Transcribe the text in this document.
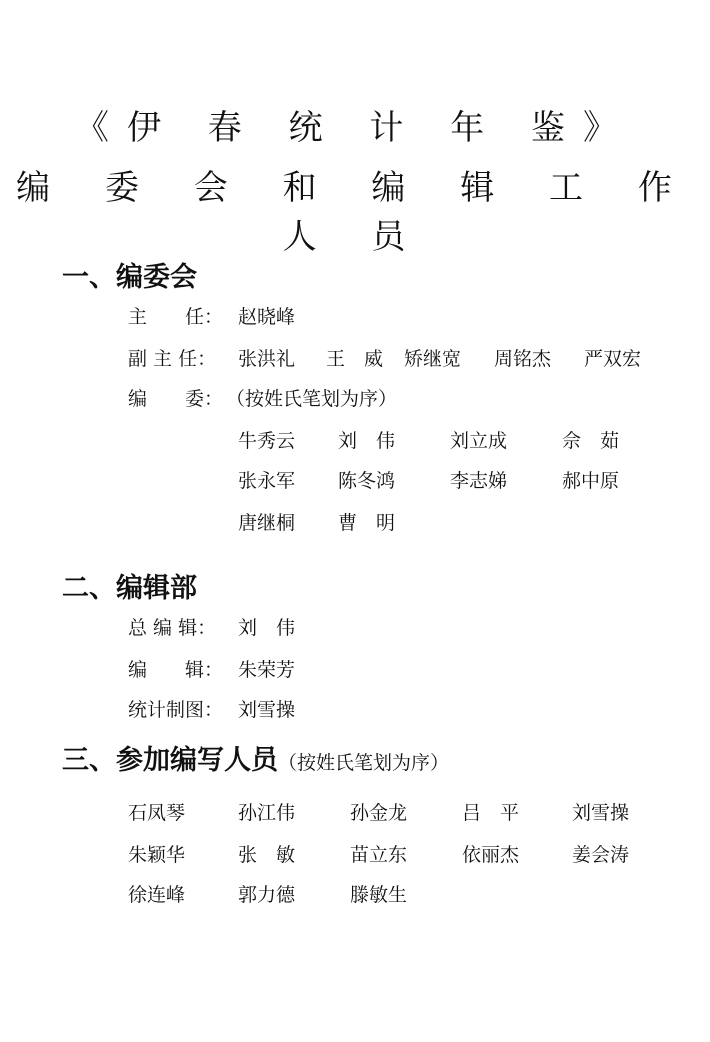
《伊 春 统 计 年 鉴》
编 委 会 和 编 辑 工 作 人 员
一、编委会
主　　任： 赵晓峰
副 主 任：	张洪礼 王　威 矫继宽 周铭杰 严双宏
编　　委： （按姓氏笔划为序）
牛秀云 刘　伟	刘立成	佘　茹
张永军 陈冬鸿	李志娣	郝中原
唐继桐 曹　明
二、编辑部
总 编 辑：	刘　伟
编　　辑： 朱荣芳
统计制图： 刘雪操
三、参加编写人员（按姓氏笔划为序）
石凤琴	孙江伟	孙金龙	吕　平	刘雪操
朱颖华	张　敏	苗立东	依丽杰	姜会涛
徐连峰	郭力德	滕敏生
